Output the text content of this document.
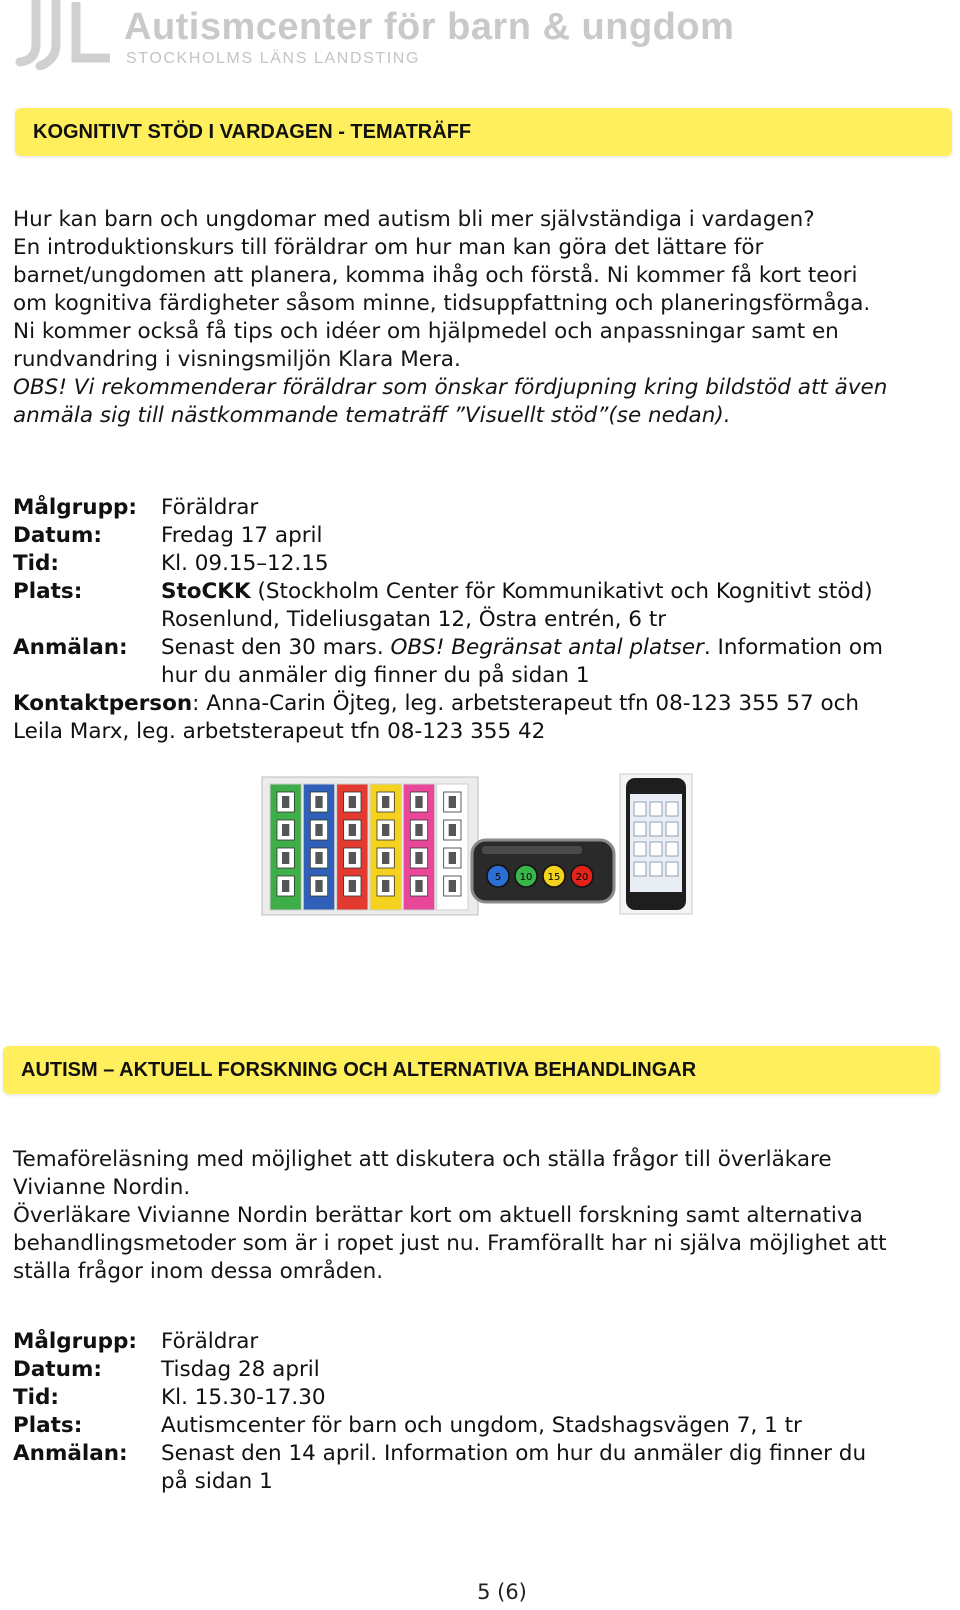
Autismcenter för barn & ungdom

STOCKHOLMS LÄNS LANDSTING

KOGNITIVT STÖD I VARDAGEN - TEMATRÄFF
Hur kan barn och ungdomar med autism bli mer självständiga i vardagen?
En introduktionskurs till föräldrar om hur man kan göra det lättare för
barnet/ungdomen att planera, komma ihåg och förstå. Ni kommer få kort teori
om kognitiva färdigheter såsom minne, tidsuppfattning och planeringsförmåga.
Ni kommer också få tips och idéer om hjälpmedel och anpassningar samt en
rundvandring i visningsmiljön Klara Mera.
OBS! Vi rekommenderar föräldrar som önskar fördjupning kring bildstöd att även
anmäla sig till nästkommande tematräff ”Visuellt stöd”(se nedan).
Målgrupp: Föräldrar
Datum:	Fredag 17 april
Tid:	Kl. 09.15–12.15
Plats:	StoCKK (Stockholm Center för Kommunikativt och Kognitivt stöd)
Rosenlund, Tideliusgatan 12, Östra entrén, 6 tr
Anmälan: Senast den 30 mars. OBS! Begränsat antal platser. Information om
hur du anmäler dig finner du på sidan 1
Kontaktperson: Anna-Carin Öjteg, leg. arbetsterapeut tfn 08-123 355 57 och
Leila Marx, leg. arbetsterapeut tfn 08-123 355 42
5 10 15 20
AUTISM – AKTUELL FORSKNING OCH ALTERNATIVA BEHANDLINGAR
Temaföreläsning med möjlighet att diskutera och ställa frågor till överläkare
Vivianne Nordin.
Överläkare Vivianne Nordin berättar kort om aktuell forskning samt alternativa
behandlingsmetoder som är i ropet just nu. Framförallt har ni själva möjlighet att
ställa frågor inom dessa områden.
Målgrupp: Föräldrar
Datum:	Tisdag 28 april
Tid:	Kl. 15.30-17.30
Plats:	Autismcenter för barn och ungdom, Stadshagsvägen 7, 1 tr
Anmälan: Senast den 14 april. Information om hur du anmäler dig finner du
på sidan 1

5 (6)
